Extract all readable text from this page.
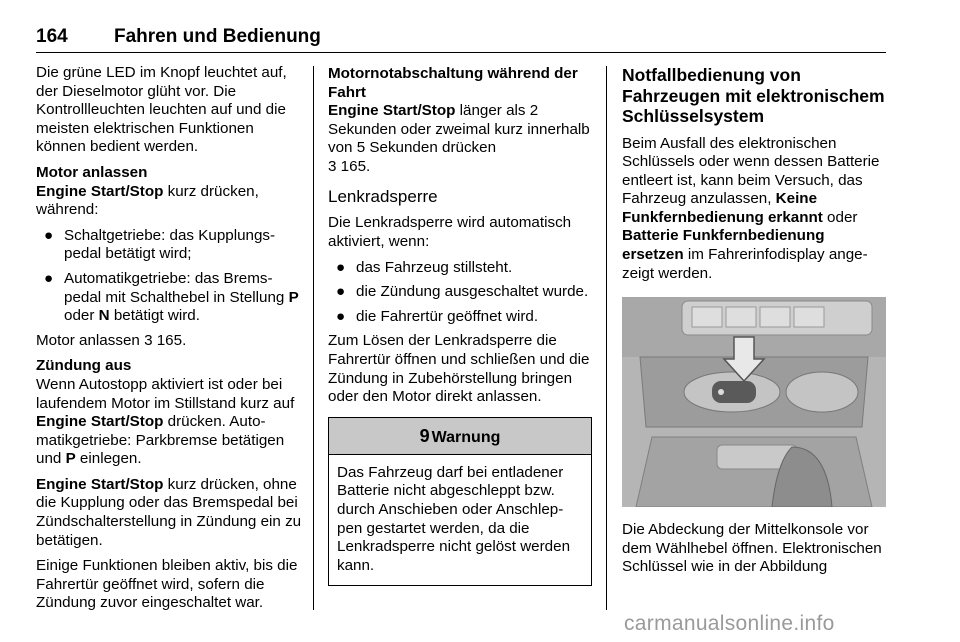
164 Fahren und Bedienung

Die grüne LED im Knopf leuchtet auf, der Dieselmotor glüht vor. Die Kontrollleuchten leuchten auf und die meisten elektrischen Funktionen können bedient werden.

Motor anlassen

Engine Start/Stop kurz drücken, während:

● Schaltgetriebe: das Kupplungspedal betätigt wird;
● Automatikgetriebe: das Bremspedal mit Schalthebel in Stellung P oder N betätigt wird.

Motor anlassen 3 165.

Zündung aus

Wenn Autostopp aktiviert ist oder bei laufendem Motor im Stillstand kurz auf Engine Start/Stop drücken. Automatikgetriebe: Parkbremse betätigen und P einlegen.

Engine Start/Stop kurz drücken, ohne die Kupplung oder das Bremspedal bei Zündschalterstellung in Zündung ein zu betätigen.

Einige Funktionen bleiben aktiv, bis die Fahrertür geöffnet wird, sofern die Zündung zuvor eingeschaltet war.

Motornotabschaltung während der Fahrt

Engine Start/Stop länger als 2 Sekunden oder zweimal kurz innerhalb von 5 Sekunden drücken
3 165.

Lenkradsperre

Die Lenkradsperre wird automatisch aktiviert, wenn:

● das Fahrzeug stillsteht.
● die Zündung ausgeschaltet wurde.
● die Fahrertür geöffnet wird.

Zum Lösen der Lenkradsperre die Fahrertür öffnen und schließen und die Zündung in Zubehörstellung bringen oder den Motor direkt anlassen.

9 Warnung
Das Fahrzeug darf bei entladener Batterie nicht abgeschleppt bzw. durch Anschieben oder Anschleppen gestartet werden, da die Lenkradsperre nicht gelöst werden kann.
Notfallbedienung von Fahrzeugen mit elektronischem Schlüsselsystem

Beim Ausfall des elektronischen Schlüssels oder wenn dessen Batterie entleert ist, kann beim Versuch, das Fahrzeug anzulassen, Keine Funkfernbedienung erkannt oder Batterie Funkfernbedienung ersetzen im Fahrerinfodisplay angezeigt werden.

Die Abdeckung der Mittelkonsole vor dem Wählhebel öffnen. Elektronischen Schlüssel wie in der Abbildung

carmanualsonline.info
